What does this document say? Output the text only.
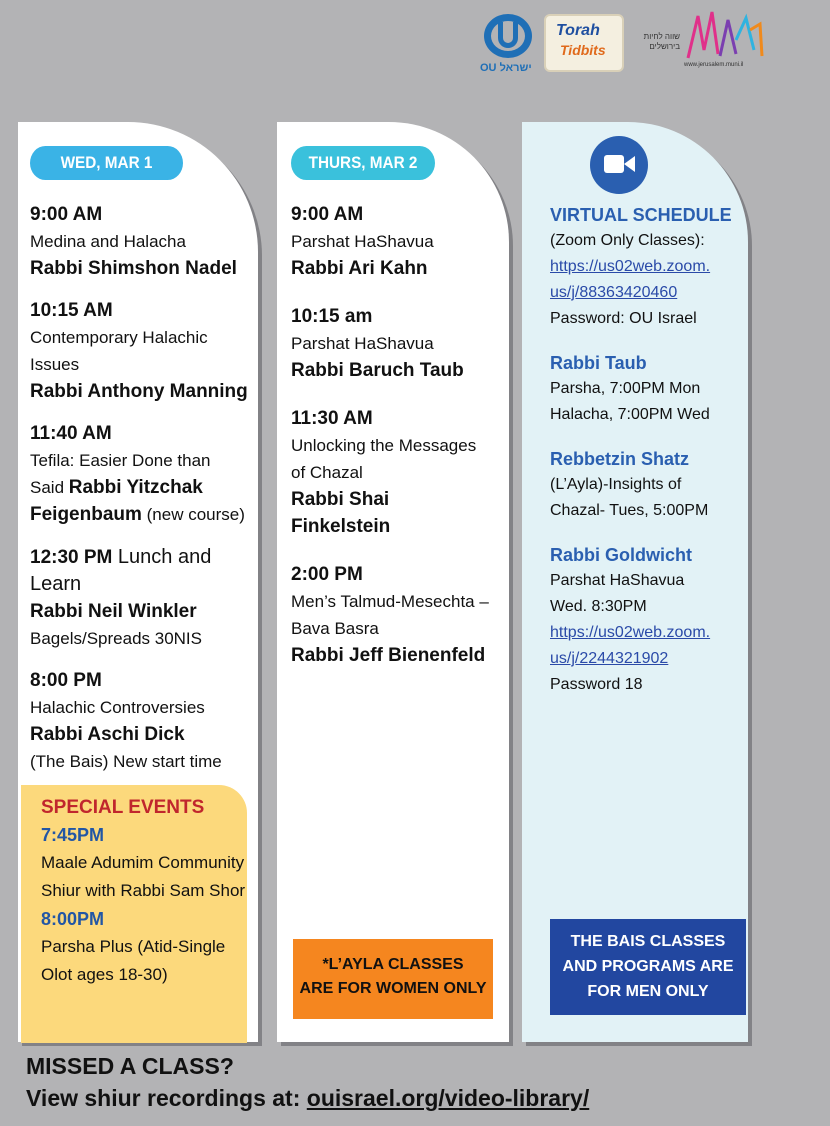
OU ישראל
Torah
Tidbits
שווה לחיות בירושלים
www.jerusalem.muni.il
WED, MAR 1
9:00 AM
Medina and Halacha
Rabbi Shimshon Nadel
10:15 AM
Contemporary Halachic
Issues
Rabbi Anthony Manning
11:40 AM
Tefila: Easier Done than
Said Rabbi Yitzchak
Feigenbaum (new course)
12:30 PM Lunch and Learn
Rabbi Neil Winkler
Bagels/Spreads 30NIS
8:00 PM
Halachic Controversies
Rabbi Aschi Dick
(The Bais) New start time
SPECIAL EVENTS
7:45PM
Maale Adumim Community
Shiur with Rabbi Sam Shor
8:00PM
Parsha Plus (Atid-Single
Olot ages 18-30)
THURS, MAR 2
9:00 AM
Parshat HaShavua
Rabbi Ari Kahn
10:15 am
Parshat HaShavua
Rabbi Baruch Taub
11:30 AM
Unlocking the Messages
of Chazal
Rabbi Shai
Finkelstein
2:00 PM
Men’s Talmud-Mesechta –
Bava Basra
Rabbi Jeff Bienenfeld
*L’AYLA CLASSES
ARE FOR WOMEN ONLY
VIRTUAL SCHEDULE
(Zoom Only Classes):
https://us02web.zoom.
us/j/88363420460
Password: OU Israel
Rabbi Taub
Parsha, 7:00PM Mon
Halacha, 7:00PM Wed
Rebbetzin Shatz
(L’Ayla)-Insights of
Chazal- Tues, 5:00PM
Rabbi Goldwicht
Parshat HaShavua
Wed. 8:30PM
https://us02web.zoom.
us/j/2244321902
Password 18
THE BAIS CLASSES
AND PROGRAMS ARE
FOR MEN ONLY
MISSED A CLASS?
View shiur recordings at: ouisrael.org/video-library/
